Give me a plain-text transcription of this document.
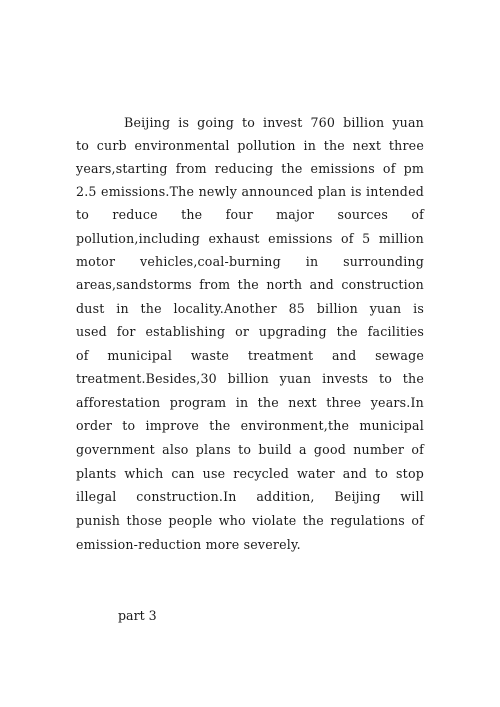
Beijing is going to invest 760 billion yuan
to curb environmental pollution in the next three
years,starting from reducing the emissions of pm
2.5 emissions.The newly announced plan is intended
to reduce the four major sources of
pollution,including exhaust emissions of 5 million
motor vehicles,coal-burning in surrounding
areas,sandstorms from the north and construction
dust in the locality.Another 85 billion yuan is
used for establishing or upgrading the facilities
of municipal waste treatment and sewage
treatment.Besides,30 billion yuan invests to the
afforestation program in the next three years.In
order to improve the environment,the municipal
government also plans to build a good number of
plants which can use recycled water and to stop
illegal construction.In addition, Beijing will
punish those people who violate the regulations of
emission-reduction more severely.
part 3
